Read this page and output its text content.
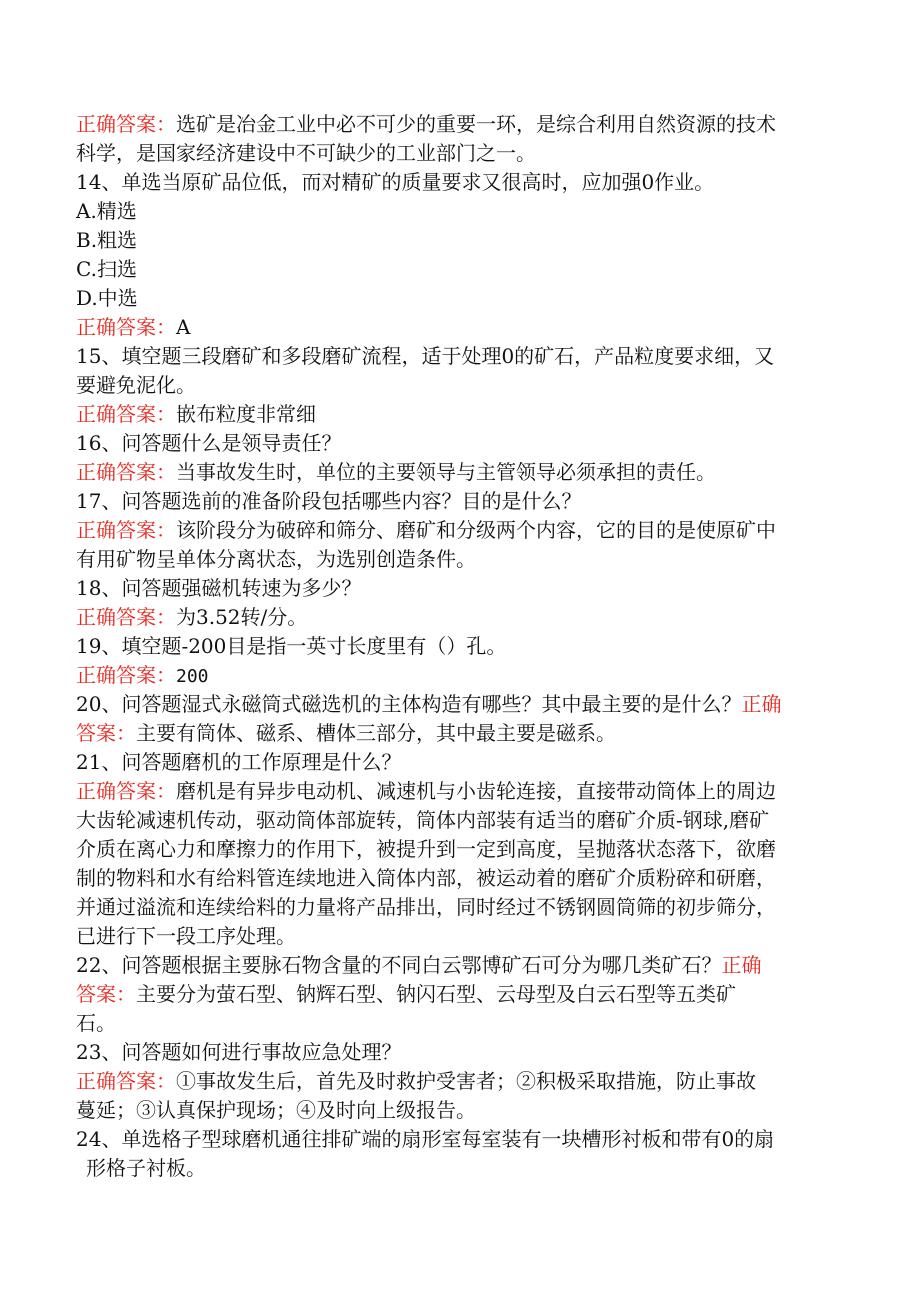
正确答案：选矿是冶金工业中必不可少的重要一环，是综合利用自然资源的技术
科学，是国家经济建设中不可缺少的工业部门之一。
14、单选当原矿品位低，而对精矿的质量要求又很高时，应加强0作业。
A.精选
B.粗选
C.扫选
D.中选
正确答案：A
15、填空题三段磨矿和多段磨矿流程，适于处理0的矿石，产品粒度要求细，又
要避免泥化。
正确答案：嵌布粒度非常细
16、问答题什么是领导责任？
正确答案：当事故发生时，单位的主要领导与主管领导必须承担的责任。
17、问答题选前的准备阶段包括哪些内容？目的是什么？
正确答案：该阶段分为破碎和筛分、磨矿和分级两个内容，它的目的是使原矿中
有用矿物呈单体分离状态，为选别创造条件。
18、问答题强磁机转速为多少？
正确答案：为3.52转/分。
19、填空题-200目是指一英寸长度里有（）孔。
正确答案：200
20、问答题湿式永磁筒式磁选机的主体构造有哪些？其中最主要的是什么？正确
答案：主要有筒体、磁系、槽体三部分，其中最主要是磁系。
21、问答题磨机的工作原理是什么？
正确答案：磨机是有异步电动机、减速机与小齿轮连接，直接带动筒体上的周边
大齿轮减速机传动，驱动筒体部旋转，筒体内部装有适当的磨矿介质-钢球,磨矿
介质在离心力和摩擦力的作用下，被提升到一定到高度，呈抛落状态落下，欲磨
制的物料和水有给料管连续地进入筒体内部，被运动着的磨矿介质粉碎和研磨，
并通过溢流和连续给料的力量将产品排出，同时经过不锈钢圆筒筛的初步筛分，
已进行下一段工序处理。
22、问答题根据主要脉石物含量的不同白云鄂博矿石可分为哪几类矿石？正确
答案：主要分为萤石型、钠辉石型、钠闪石型、云母型及白云石型等五类矿
石。
23、问答题如何进行事故应急处理？
正确答案：①事故发生后，首先及时救护受害者；②积极采取措施，防止事故
蔓延；③认真保护现场；④及时向上级报告。
24、单选格子型球磨机通往排矿端的扇形室每室装有一块槽形衬板和带有0的扇
形格子衬板。
